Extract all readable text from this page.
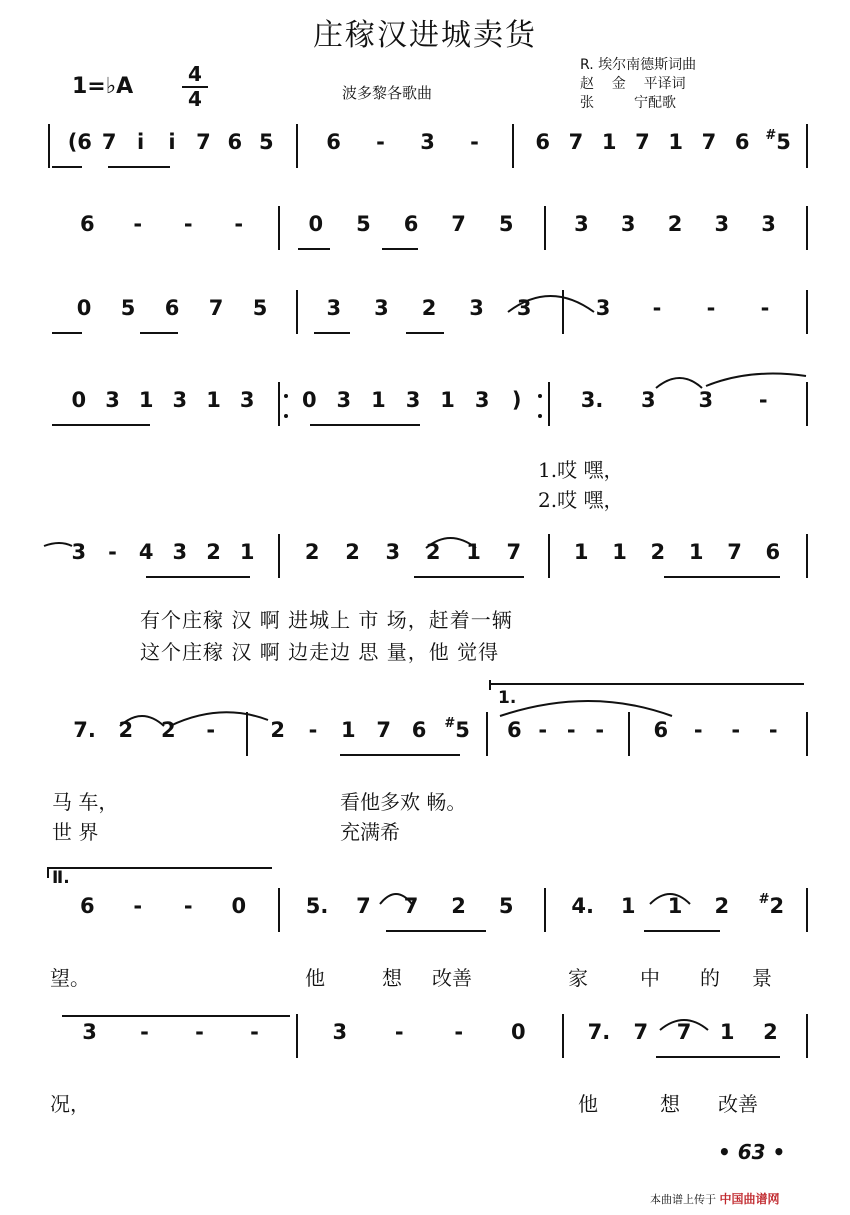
庄稼汉进城卖货
1=♭A	4
4	波多黎各歌曲
R. 埃尔南德斯词曲
赵    金    平译词
张         宁配歌
(6 7 i	i 7 6 5	6 - 3 -	6 7 1 7 1 7 6 #5
6 - - -	0 5 6 7 5	3 3 2 3 3
0 5 6 7 5	3 3 2 3 3	3 - - -
0 3 1 3 1 3 0 3 1 3 1 3 )	3. 3 3 -
3 - 4 3 2 1 2 2 3 2 1 7	1 1 2 1 7 6
7. 2 2 -	2 - 1 7 6 #5 6 - - - 6 - - -
6 - - 0	5. 7 7 2 5	4. 1 1 2 #2
3 - - -	3 - - 0	7. 7 7 1 2
1.哎 嘿，
2.哎 嘿，
有个庄稼 汉 啊 进城上 市 场，赶着一辆
这个庄稼 汉 啊 边走边 思 量，他 觉得
马 车，	看他多欢 畅。
世 界	充满希
望。	他	想 改善	家	中 的 景
况，	他	想 改善
1.
Ⅱ.
• 63 •
本曲谱上传于 中国曲谱网
